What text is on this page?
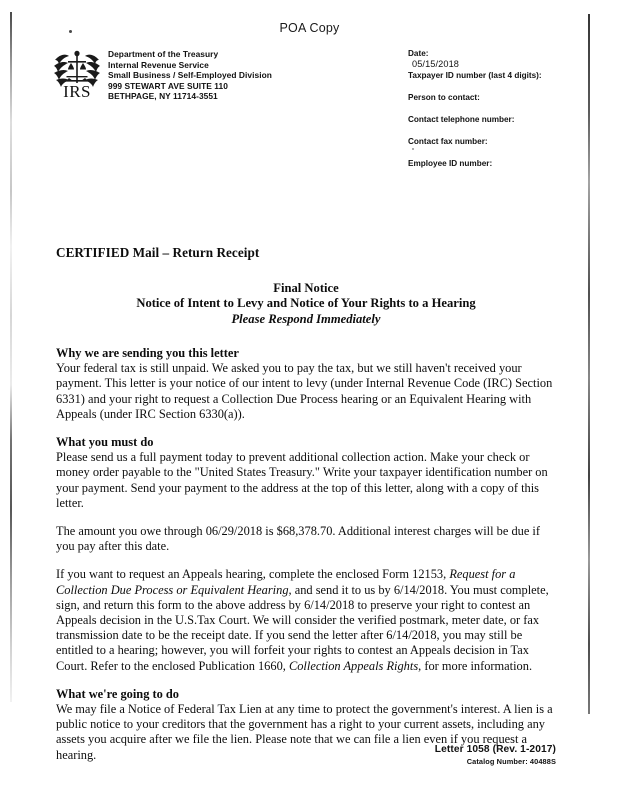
POA Copy
IRS
Department of the Treasury
Internal Revenue Service
Small Business / Self-Employed Division
999 STEWART AVE SUITE 110
BETHPAGE, NY 11714-3551
Date:
05/15/2018
Taxpayer ID number (last 4 digits):
Person to contact:
Contact telephone number:
Contact fax number:
Employee ID number:
CERTIFIED Mail – Return Receipt
Final Notice
Notice of Intent to Levy and Notice of Your Rights to a Hearing
Please Respond Immediately
Why we are sending you this letter

Your federal tax is still unpaid. We asked you to pay the tax, but we still haven't received your payment. This letter is your notice of our intent to levy (under Internal Revenue Code (IRC) Section 6331) and your right to request a Collection Due Process hearing or an Equivalent Hearing with Appeals (under IRC Section 6330(a)).

What you must do

Please send us a full payment today to prevent additional collection action. Make your check or money order payable to the "United States Treasury." Write your taxpayer identification number on your payment. Send your payment to the address at the top of this letter, along with a copy of this letter.

The amount you owe through 06/29/2018 is $68,378.70. Additional interest charges will be due if you pay after this date.

If you want to request an Appeals hearing, complete the enclosed Form 12153, Request for a Collection Due Process or Equivalent Hearing, and send it to us by 6/14/2018. You must complete, sign, and return this form to the above address by 6/14/2018 to preserve your right to contest an Appeals decision in the U.S.Tax Court. We will consider the verified postmark, meter date, or fax transmission date to be the receipt date. If you send the letter after 6/14/2018, you may still be entitled to a hearing; however, you will forfeit your rights to contest an Appeals decision in Tax Court. Refer to the enclosed Publication 1660, Collection Appeals Rights, for more information.

What we're going to do

We may file a Notice of Federal Tax Lien at any time to protect the government's interest. A lien is a public notice to your creditors that the government has a right to your current assets, including any assets you acquire after we file the lien. Please note that we can file a lien even if you request a hearing.	Letter 1058 (Rev. 1-2017)
Catalog Number: 40488S
